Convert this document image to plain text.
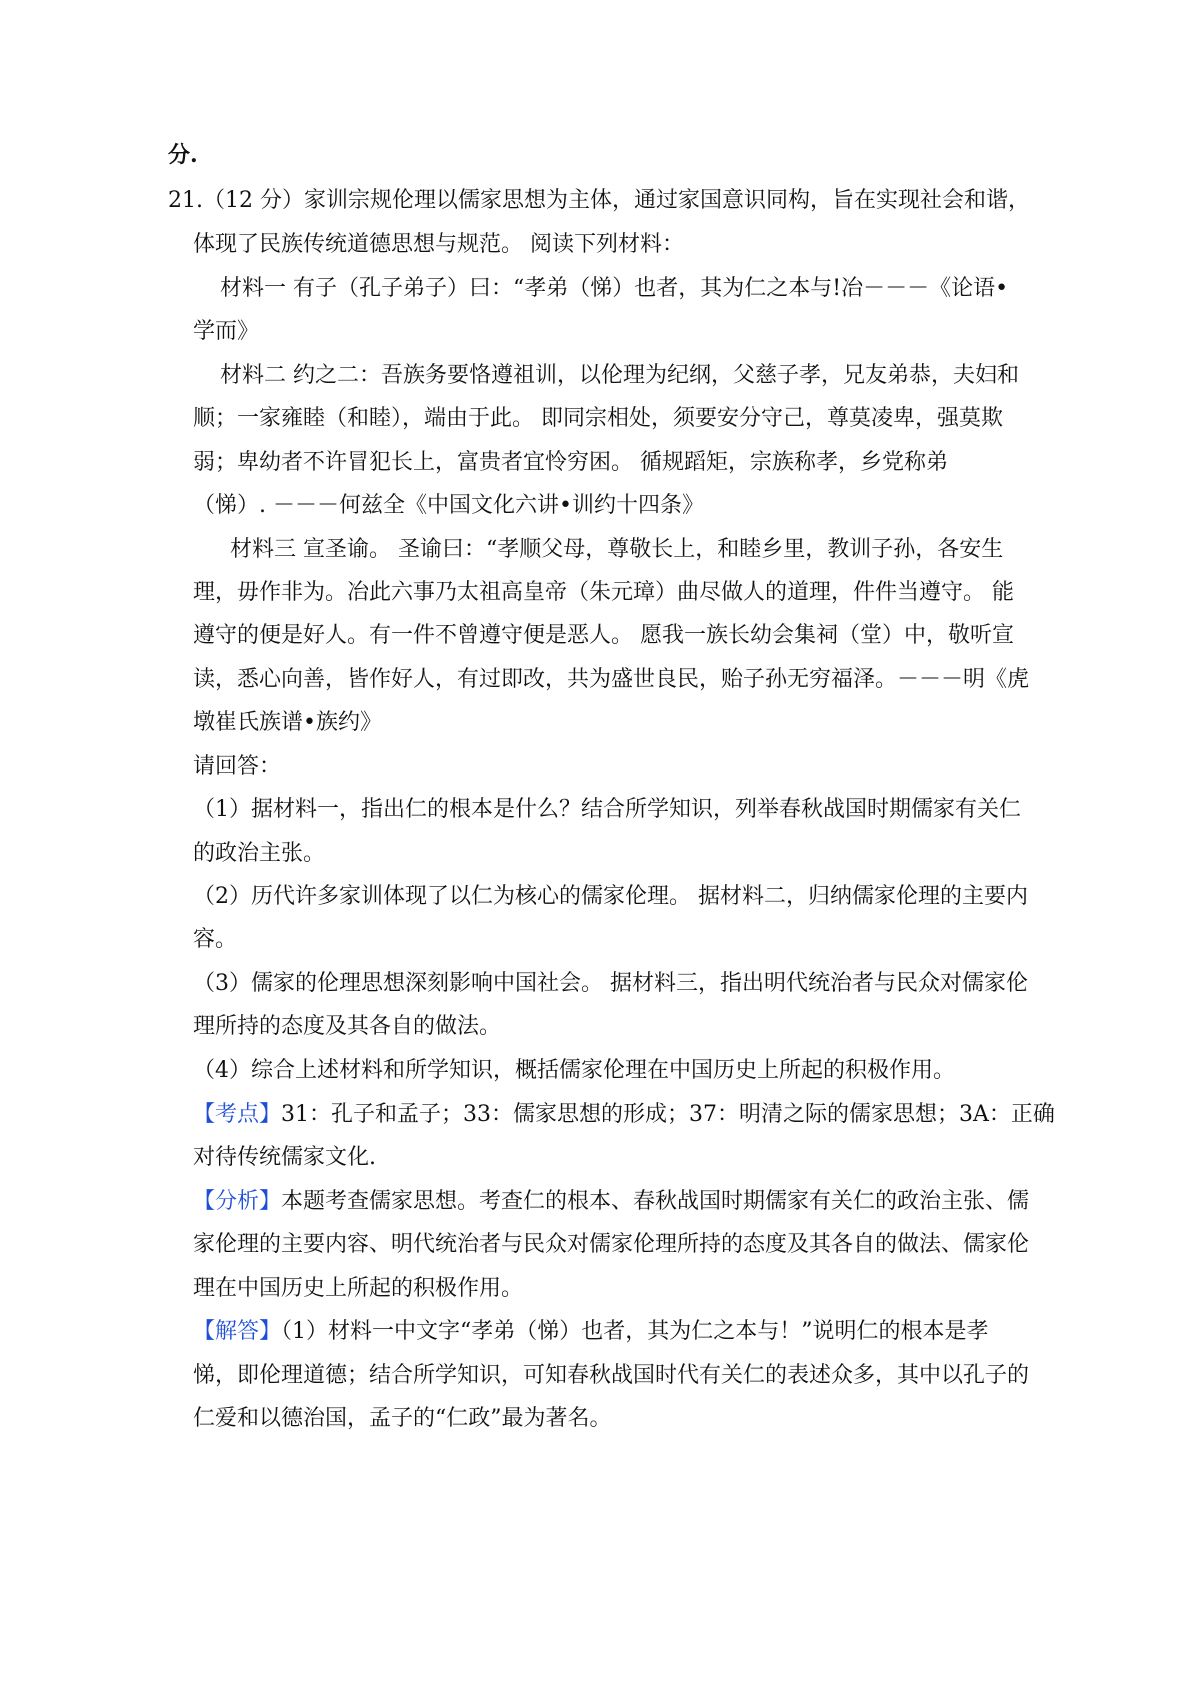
分.

21.（12 分）家训宗规伦理以儒家思想为主体，通过家国意识同构，旨在实现社会和谐，

体现了民族传统道德思想与规范。 阅读下列材料：

材料一 有子（孔子弟子）曰：“孝弟（悌）也者，其为仁之本与!冶－－－《论语•

学而》

材料二 约之二：吾族务要恪遵祖训，以伦理为纪纲，父慈子孝，兄友弟恭，夫妇和

顺；一家雍睦（和睦），端由于此。 即同宗相处，须要安分守己，尊莫凌卑，强莫欺

弱；卑幼者不许冒犯长上，富贵者宜怜穷困。 循规蹈矩，宗族称孝，乡党称弟

（悌）. －－－何兹全《中国文化六讲•训约十四条》

材料三 宣圣谕。 圣谕曰：“孝顺父母，尊敬长上，和睦乡里，教训子孙，各安生

理，毋作非为。冶此六事乃太祖高皇帝（朱元璋）曲尽做人的道理，件件当遵守。 能

遵守的便是好人。有一件不曾遵守便是恶人。 愿我一族长幼会集祠（堂）中，敬听宣

读，悉心向善，皆作好人，有过即改，共为盛世良民，贻子孙无穷福泽。－－－明《虎

墩崔氏族谱•族约》

请回答：

（1）据材料一，指出仁的根本是什么？结合所学知识，列举春秋战国时期儒家有关仁

的政治主张。

（2）历代许多家训体现了以仁为核心的儒家伦理。 据材料二，归纳儒家伦理的主要内

容。

（3）儒家的伦理思想深刻影响中国社会。 据材料三，指出明代统治者与民众对儒家伦

理所持的态度及其各自的做法。

（4）综合上述材料和所学知识，概括儒家伦理在中国历史上所起的积极作用。

【考点】31：孔子和孟子；33：儒家思想的形成；37：明清之际的儒家思想；3A：正确

对待传统儒家文化.

【分析】本题考查儒家思想。考查仁的根本、春秋战国时期儒家有关仁的政治主张、儒

家伦理的主要内容、明代统治者与民众对儒家伦理所持的态度及其各自的做法、儒家伦

理在中国历史上所起的积极作用。

【解答】（1）材料一中文字“孝弟（悌）也者，其为仁之本与！”说明仁的根本是孝

悌，即伦理道德；结合所学知识，可知春秋战国时代有关仁的表述众多，其中以孔子的

仁爱和以德治国，孟子的“仁政”最为著名。
